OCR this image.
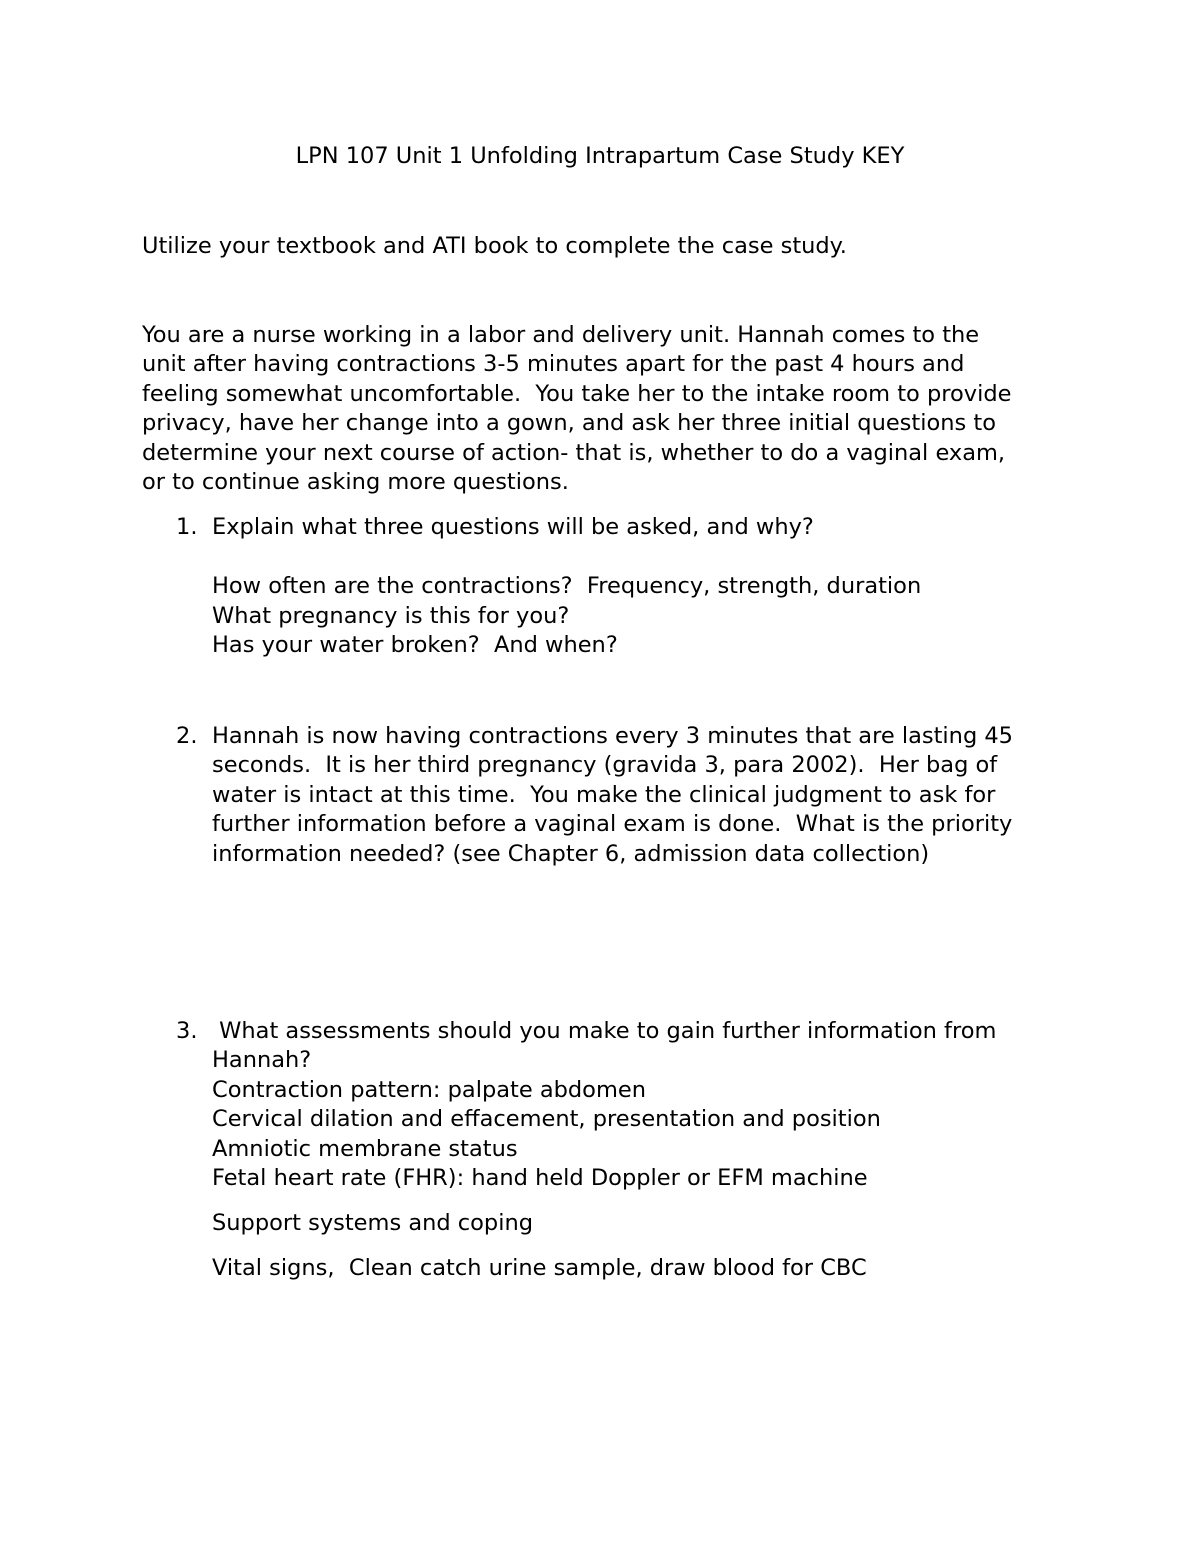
LPN 107 Unit 1 Unfolding Intrapartum Case Study KEY
Utilize your textbook and ATI book to complete the case study.
You are a nurse working in a labor and delivery unit. Hannah comes to the
unit after having contractions 3-5 minutes apart for the past 4 hours and
feeling somewhat uncomfortable.  You take her to the intake room to provide
privacy, have her change into a gown, and ask her three initial questions to
determine your next course of action- that is, whether to do a vaginal exam,
or to continue asking more questions.
1. Explain what three questions will be asked, and why?
How often are the contractions?  Frequency, strength, duration
What pregnancy is this for you?
Has your water broken?  And when?
2. Hannah is now having contractions every 3 minutes that are lasting 45
seconds.  It is her third pregnancy (gravida 3, para 2002).  Her bag of
water is intact at this time.  You make the clinical judgment to ask for
further information before a vaginal exam is done.  What is the priority
information needed? (see Chapter 6, admission data collection)
3. What assessments should you make to gain further information from
Hannah?
Contraction pattern: palpate abdomen
Cervical dilation and effacement, presentation and position
Amniotic membrane status
Fetal heart rate (FHR): hand held Doppler or EFM machine
Support systems and coping
Vital signs,  Clean catch urine sample, draw blood for CBC
